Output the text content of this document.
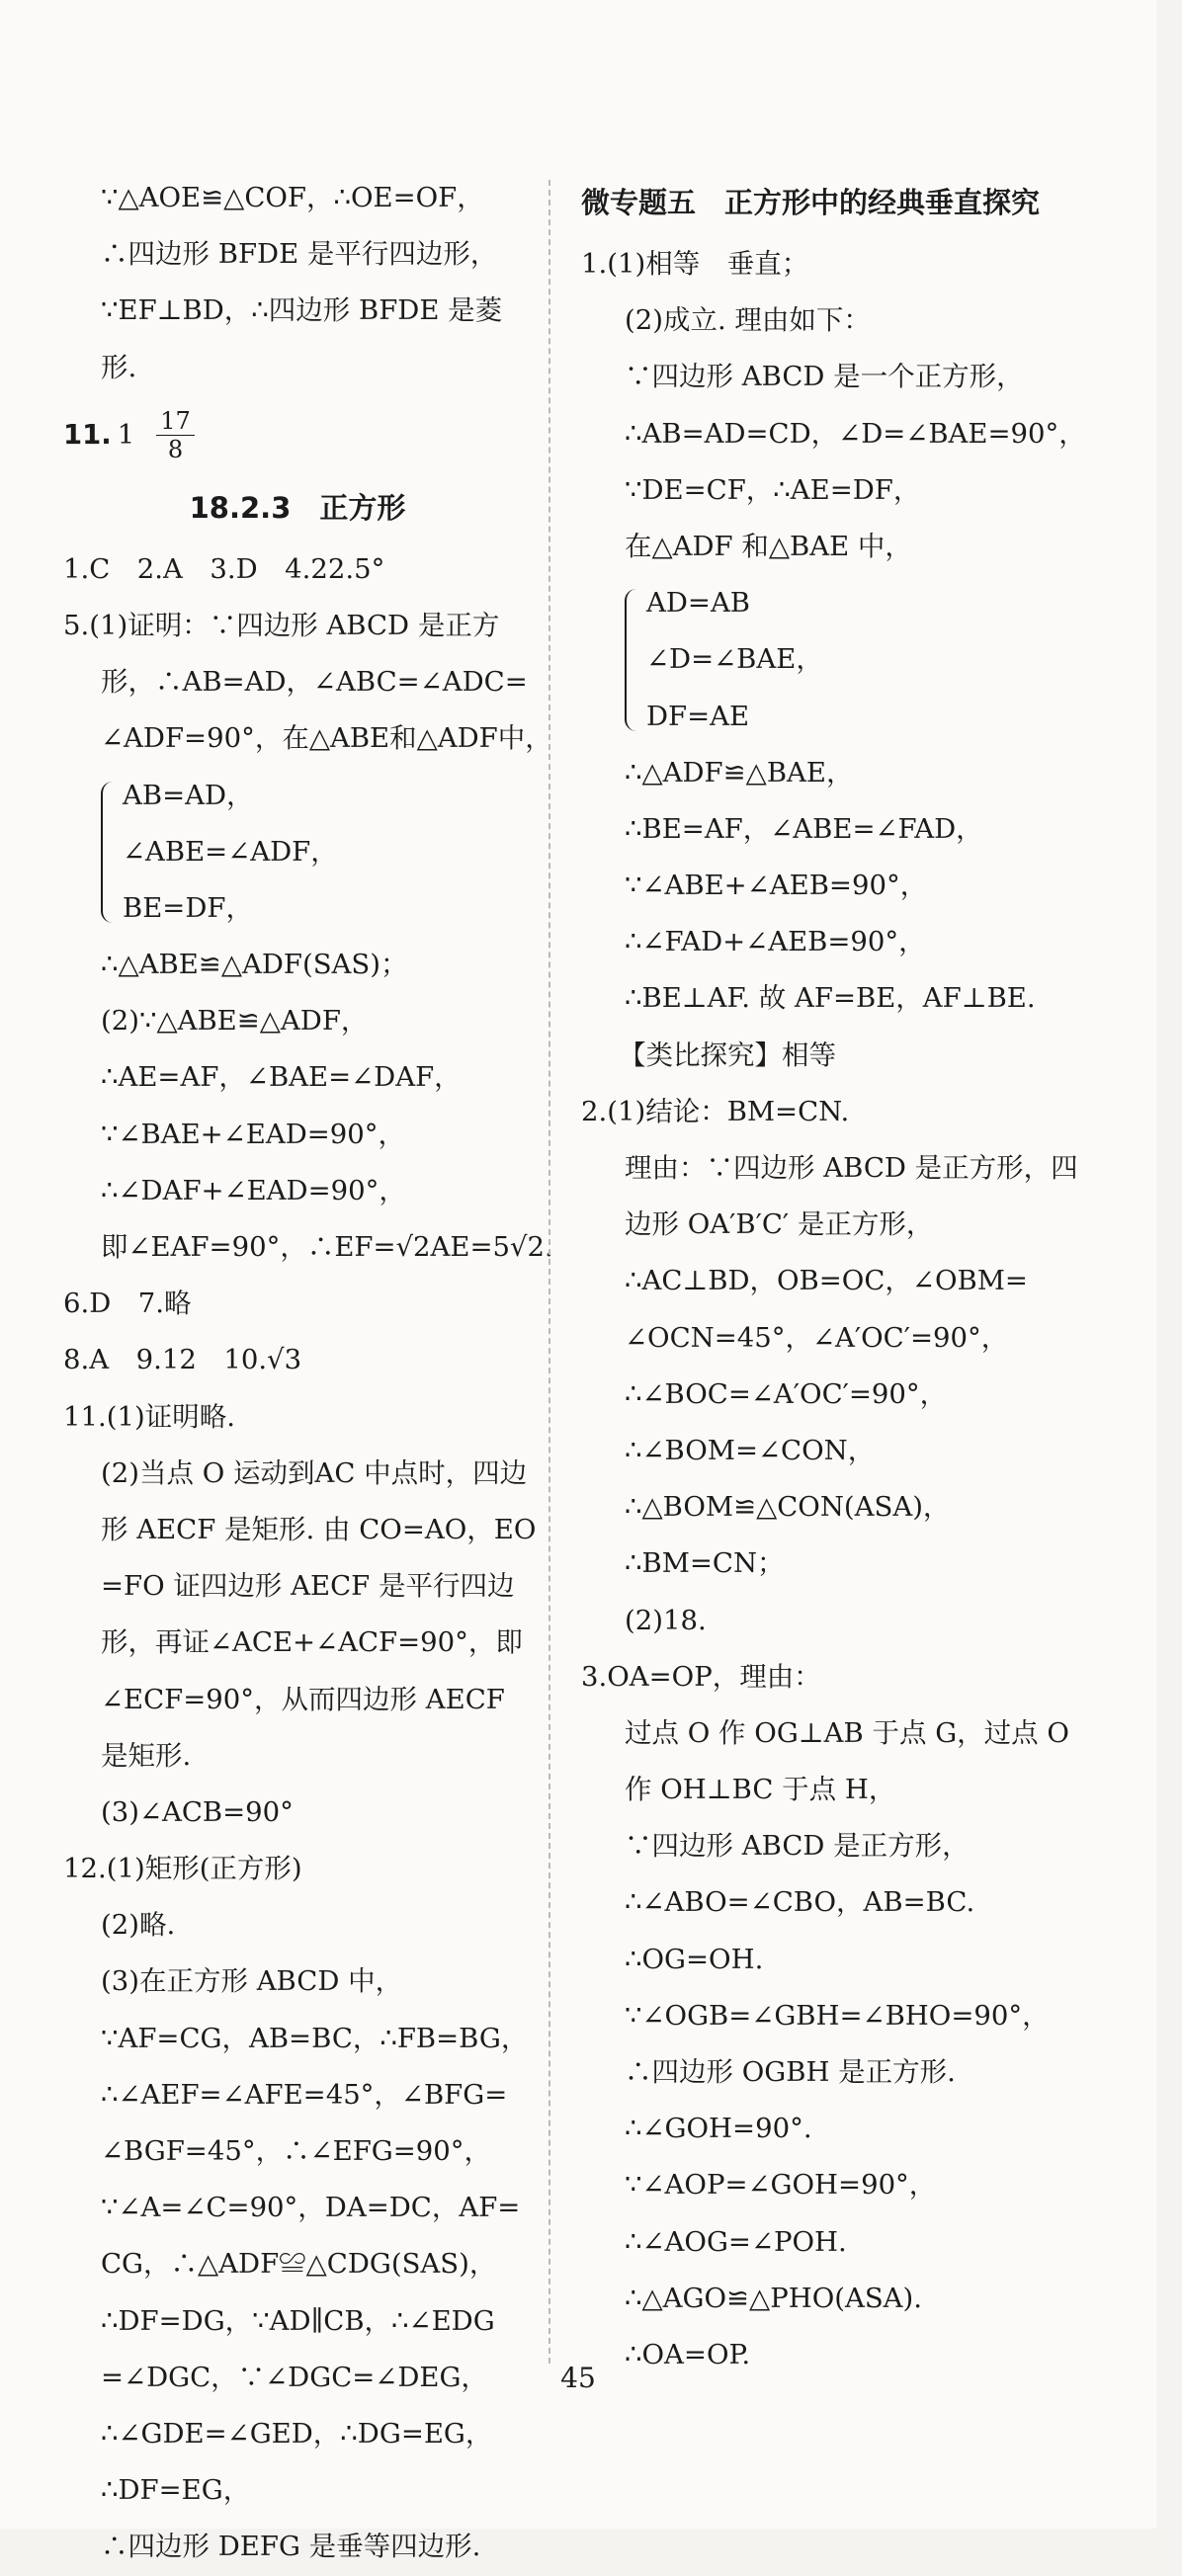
∵△AOE≌△COF，∴OE=OF，
∴四边形 BFDE 是平行四边形，
∵EF⊥BD，∴四边形 BFDE 是菱
形.
11. $1 \frac{17}{8}$
18.2.3　正方形
1.C　2.A　3.D　4.22.5°
5.(1)证明：∵四边形 ABCD 是正方
形，∴AB=AD，∠ABC=∠ADC=
∠ADF=90°，在△ABE和△ADF中，
AB=AD，
∠ABE=∠ADF，
BE=DF，
∴△ABE≌△ADF(SAS)；
(2)∵△ABE≌△ADF，
∴AE=AF，∠BAE=∠DAF，
∵∠BAE+∠EAD=90°，
∴∠DAF+∠EAD=90°，
即∠EAF=90°，∴EF=√2AE=5√2.
6.D　7.略
8.A　9.12　10.√3
11.(1)证明略.
(2)当点 O 运动到AC 中点时，四边
形 AECF 是矩形. 由 CO=AO，EO
=FO 证四边形 AECF 是平行四边
形，再证∠ACE+∠ACF=90°，即
∠ECF=90°，从而四边形 AECF
是矩形.
(3)∠ACB=90°
12.(1)矩形(正方形)
(2)略.
(3)在正方形 ABCD 中，
∵AF=CG，AB=BC，∴FB=BG，
∴∠AEF=∠AFE=45°，∠BFG=
∠BGF=45°，∴∠EFG=90°，
∵∠A=∠C=90°，DA=DC，AF=
CG，∴△ADF≌△CDG(SAS)，
∴DF=DG，∵AD∥CB，∴∠EDG
=∠DGC，∵∠DGC=∠DEG，
∴∠GDE=∠GED，∴DG=EG，
∴DF=EG，
∴四边形 DEFG 是垂等四边形.
微专题五　正方形中的经典垂直探究
1.(1)相等　垂直；
(2)成立. 理由如下：
∵四边形 ABCD 是一个正方形，
∴AB=AD=CD，∠D=∠BAE=90°，
∵DE=CF，∴AE=DF，
在△ADF 和△BAE 中，
AD=AB
∠D=∠BAE，
DF=AE
∴△ADF≌△BAE，
∴BE=AF，∠ABE=∠FAD，
∵∠ABE+∠AEB=90°，
∴∠FAD+∠AEB=90°，
∴BE⊥AF. 故 AF=BE，AF⊥BE.
【类比探究】相等
2.(1)结论：BM=CN.
理由：∵四边形 ABCD 是正方形，四
边形 OA′B′C′ 是正方形，
∴AC⊥BD，OB=OC，∠OBM=
∠OCN=45°，∠A′OC′=90°，
∴∠BOC=∠A′OC′=90°，
∴∠BOM=∠CON，
∴△BOM≌△CON(ASA)，
∴BM=CN；
(2)18.
3.OA=OP，理由：
过点 O 作 OG⊥AB 于点 G，过点 O
作 OH⊥BC 于点 H，
∵四边形 ABCD 是正方形，
∴∠ABO=∠CBO，AB=BC.
∴OG=OH.
∵∠OGB=∠GBH=∠BHO=90°，
∴四边形 OGBH 是正方形.
∴∠GOH=90°.
∵∠AOP=∠GOH=90°，
∴∠AOG=∠POH.
∴△AGO≌△PHO(ASA).
∴OA=OP.
45
